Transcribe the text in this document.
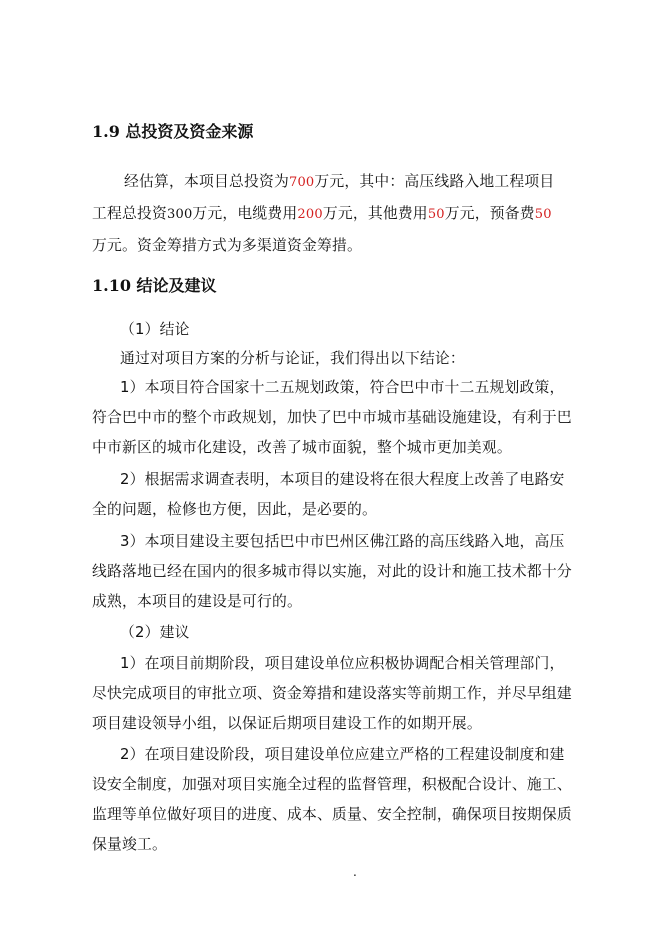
1.9 总投资及资金来源
经估算，本项目总投资为700万元，其中：高压线路入地工程项目
工程总投资300万元，电缆费用200万元，其他费用50万元，预备费50
万元。资金筹措方式为多渠道资金筹措。
1.10 结论及建议
（1）结论
通过对项目方案的分析与论证，我们得出以下结论：
1）本项目符合国家十二五规划政策，符合巴中市十二五规划政策，
符合巴中市的整个市政规划，加快了巴中市城市基础设施建设，有利于巴
中市新区的城市化建设，改善了城市面貌，整个城市更加美观。
2）根据需求调查表明，本项目的建设将在很大程度上改善了电路安
全的问题，检修也方便，因此，是必要的。
3）本项目建设主要包括巴中市巴州区佛江路的高压线路入地，高压
线路落地已经在国内的很多城市得以实施，对此的设计和施工技术都十分
成熟，本项目的建设是可行的。
（2）建议
1）在项目前期阶段，项目建设单位应积极协调配合相关管理部门，
尽快完成项目的审批立项、资金筹措和建设落实等前期工作，并尽早组建
项目建设领导小组，以保证后期项目建设工作的如期开展。
2）在项目建设阶段，项目建设单位应建立严格的工程建设制度和建
设安全制度，加强对项目实施全过程的监督管理，积极配合设计、施工、
监理等单位做好项目的进度、成本、质量、安全控制，确保项目按期保质
保量竣工。
.
